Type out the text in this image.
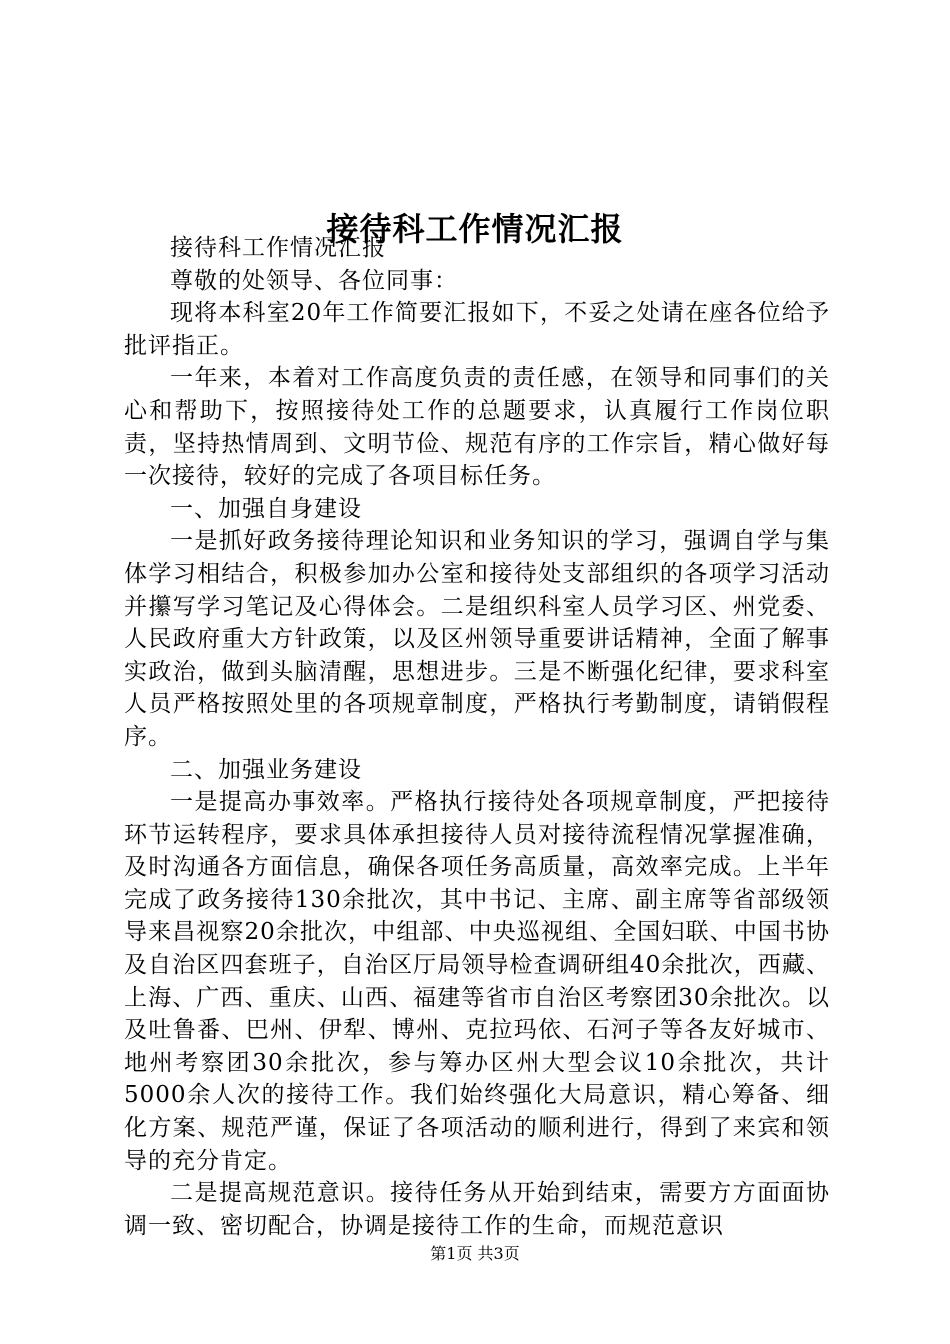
接待科工作情况汇报

接待科工作情况汇报

尊敬的处领导、各位同事：

现将本科室20年工作简要汇报如下，不妥之处请在座各位给予批评指正。

一年来，本着对工作高度负责的责任感，在领导和同事们的关心和帮助下，按照接待处工作的总题要求，认真履行工作岗位职责，坚持热情周到、文明节俭、规范有序的工作宗旨，精心做好每一次接待，较好的完成了各项目标任务。

一、加强自身建设

一是抓好政务接待理论知识和业务知识的学习，强调自学与集体学习相结合，积极参加办公室和接待处支部组织的各项学习活动并攥写学习笔记及心得体会。二是组织科室人员学习区、州党委、人民政府重大方针政策，以及区州领导重要讲话精神，全面了解事实政治，做到头脑清醒，思想进步。三是不断强化纪律，要求科室人员严格按照处里的各项规章制度，严格执行考勤制度，请销假程序。

二、加强业务建设

一是提高办事效率。严格执行接待处各项规章制度，严把接待环节运转程序，要求具体承担接待人员对接待流程情况掌握准确，及时沟通各方面信息，确保各项任务高质量，高效率完成。上半年完成了政务接待130余批次，其中书记、主席、副主席等省部级领导来昌视察20余批次，中组部、中央巡视组、全国妇联、中国书协及自治区四套班子，自治区厅局领导检查调研组40余批次，西藏、上海、广西、重庆、山西、福建等省市自治区考察团30余批次。以及吐鲁番、巴州、伊犁、博州、克拉玛依、石河子等各友好城市、地州考察团30余批次，参与筹办区州大型会议10余批次，共计5000余人次的接待工作。我们始终强化大局意识，精心筹备、细化方案、规范严谨，保证了各项活动的顺利进行，得到了来宾和领导的充分肯定。

二是提高规范意识。接待任务从开始到结束，需要方方面面协调一致、密切配合，协调是接待工作的生命，而规范意识

第1页 共3页
